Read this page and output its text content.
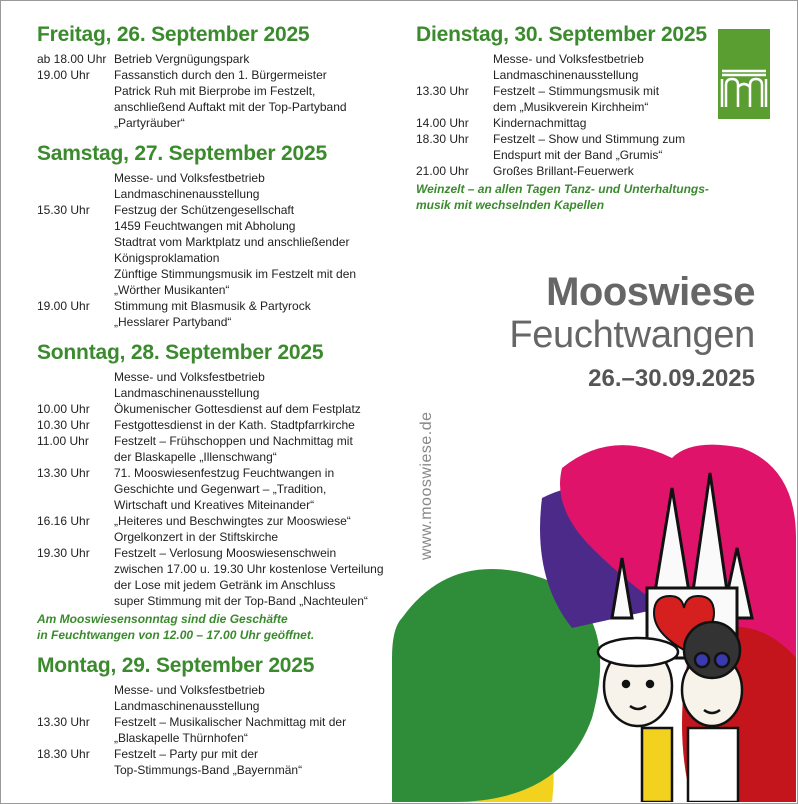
Freitag, 26. September 2025
ab 18.00 Uhr Betrieb Vergnügungspark
19.00 Uhr	Fassanstich durch den 1. Bürgermeister
Patrick Ruh mit Bierprobe im Festzelt,
anschließend Auftakt mit der Top-Partyband
„Partyräuber“
Samstag, 27. September 2025
Messe- und Volksfestbetrieb
Landmaschinenausstellung
15.30 Uhr	Festzug der Schützengesellschaft
1459 Feuchtwangen mit Abholung
Stadtrat vom Marktplatz und anschließender
Königsproklamation
Zünftige Stimmungsmusik im Festzelt mit den
„Wörther Musikanten“
19.00 Uhr	Stimmung mit Blasmusik & Partyrock
„Hesslarer Partyband“
Sonntag, 28. September 2025
Messe- und Volksfestbetrieb
Landmaschinenausstellung
10.00 Uhr	Ökumenischer Gottesdienst auf dem Festplatz
10.30 Uhr	Festgottesdienst in der Kath. Stadtpfarrkirche
11.00 Uhr	Festzelt – Frühschoppen und Nachmittag mit
der Blaskapelle „Illenschwang“
13.30 Uhr	71. Mooswiesenfestzug Feuchtwangen in
Geschichte und Gegenwart – „Tradition,
Wirtschaft und Kreatives Miteinander“
16.16 Uhr	„Heiteres und Beschwingtes zur Mooswiese“
Orgelkonzert in der Stiftskirche
19.30 Uhr	Festzelt – Verlosung Mooswiesenschwein
zwischen 17.00 u. 19.30 Uhr kostenlose Verteilung
der Lose mit jedem Getränk im Anschluss
super Stimmung mit der Top-Band „Nachteulen“
Am Mooswiesensonntag sind die Geschäfte
in Feuchtwangen von 12.00 – 17.00 Uhr geöffnet.
Montag, 29. September 2025
Messe- und Volksfestbetrieb
Landmaschinenausstellung
13.30 Uhr	Festzelt – Musikalischer Nachmittag mit der
„Blaskapelle Thürnhofen“
18.30 Uhr	Festzelt – Party pur mit der
Top-Stimmungs-Band „Bayernmän“
Dienstag, 30. September 2025
Messe- und Volksfestbetrieb
Landmaschinenausstellung
13.30 Uhr	Festzelt – Stimmungsmusik mit
dem „Musikverein Kirchheim“
14.00 Uhr	Kindernachmittag
18.30 Uhr	Festzelt – Show und Stimmung zum
Endspurt mit der Band „Grumis“
21.00 Uhr	Großes Brillant-Feuerwerk
Weinzelt – an allen Tagen Tanz- und Unterhaltungs-
musik mit wechselnden Kapellen
Mooswiese
Feuchtwangen
26.–30.09.2025
www.mooswiese.de
